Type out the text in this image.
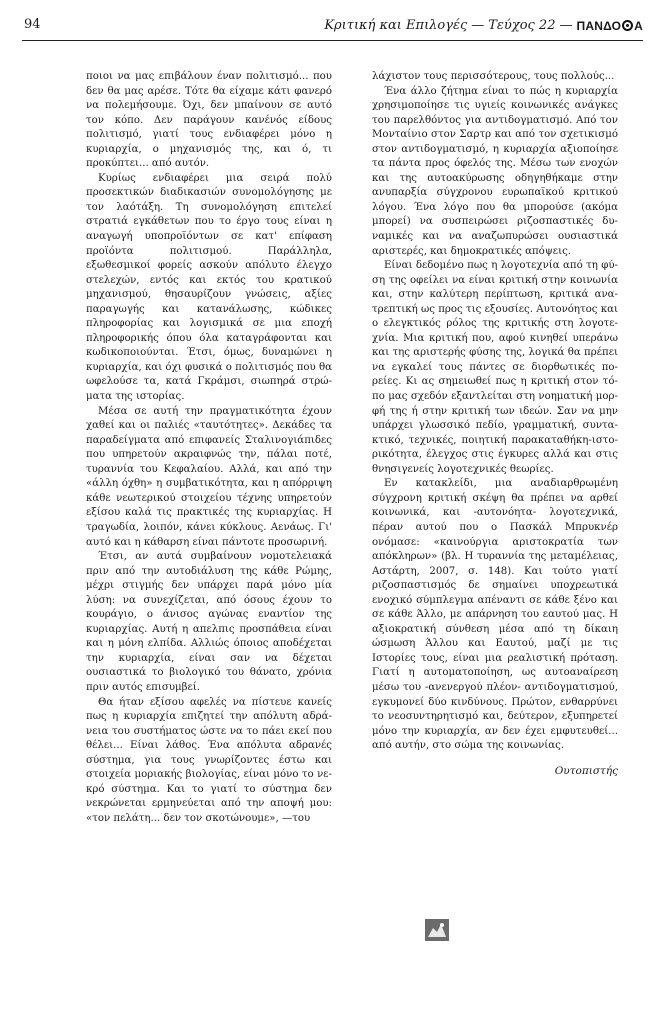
94	Κριτική και Επιλογές — Τεύχος 22 — ΠΑΝΔΟ Α

ποιοι να μας επιβάλουν έναν πολιτισμό... που δεν θα μας αρέσε. Τότε θα είχαμε κάτι φανερό να πολεμήσουμε. Όχι, δεν μπαίνουν σε αυτό τον κόπο. Δεν παράγουν κανένός είδους πολιτισμό, γιατί τους ενδιαφέρει μόνο η κυριαρχία, ο μηχανισμός της, και ό, τι προκύπτει... από αυτόν.

Κυρίως ενδιαφέρει μια σειρά πολύ προσεκτικών διαδικασιών συνομολόγησης με τον λαότάξη. Τη συνομολόγηση επιτελεί στρατιά εγκάθετων που το έργο τους είναι η αναγωγή υποπροϊόντων σε κατ' επίφαση προϊόντα πολιτισμού. Παράλληλα, εξωθεσμικοί φορείς ασκούν απόλυτο έλεγχο στελεχών, εντός και εκτός του κρατικού μηχανισμού, θησαυρίζουν γνώσεις, αξίες παραγωγής και κατανάλωσης, κώδικες πληροφορίας και λογισμικά σε μια εποχή πληροφορικής όπου όλα καταγράφονται και κωδικοποιούνται. Έτσι, όμως, δυναμώνει η κυριαρχία, και όχι φυσικά ο πολιτισμός που θα ωφελούσε τα, κατά Γκράμσι, σιωπηρά στρώματα της ιστορίας.

Μέσα σε αυτή την πραγματικότητα έχουν χαθεί και οι παλιές «ταυτότητες». Δεκάδες τα παραδείγματα από επιφανείς Σταλινογιάπιδες που υπηρετούν ακραιφνώς την, πάλαι ποτέ, τυραννία του Κεφαλαίου. Αλλά, και από την «άλλη όχθη» η συμβατικότητα, και η απόρριψη κάθε νεωτερικού στοιχείου τέχνης υπηρετούν εξίσου καλά τις πρακτικές της κυριαρχίας. Η τραγωδία, λοιπόν, κάνει κύκλους. Αενάως. Γι' αυτό και η κάθαρση είναι πάντοτε προσωρινή.

Έτσι, αν αυτά συμβαίνουν νομοτελειακά πριν από την αυτοδιάλυση της κάθε Ρώμης, μέχρι στιγμής δεν υπάρχει παρά μόνο μία λύση: να συνεχίζεται, από όσους έχουν το κουράγιο, ο άνισος αγώνας εναντίον της κυριαρχίας. Αυτή η απελπις προσπάθεια είναι και η μόνη ελπίδα. Αλλιώς όποιος αποδέχεται την κυριαρχία, είναι σαν να δέχεται ουσιαστικά το βιολογικό του θάνατο, χρόνια πριν αυτός επισυμβεί.

Θα ήταν εξίσου αφελές να πίστευε κανείς πως η κυριαρχία επιζητεί την απόλυτη αδράνεια του συστήματος ώστε να το πάει εκεί που θέλει... Είναι λάθος. Ένα απόλυτα αδρανές σύστημα, για τους γνωρίζοντες έστω και στοιχεία μοριακής βιολογίας, είναι μόνο το νεκρό σύστημα. Και το γιατί το σύστημα δεν νεκρώνεται ερμηνεύεται από την αποψή μου: «τον πελάτη... δεν τον σκοτώνουμε», —του

λάχιστον τους περισσότερους, τους πολλούς...

Ένα άλλο ζήτημα είναι το πώς η κυριαρχία χρησιμοποίησε τις υγιείς κοινωνικές ανάγκες του παρελθόντος για αντιδογματισμό. Από τον Μονταίνιο στον Σαρτρ και από τον σχετικισμό στον αντιδογματισμό, η κυριαρχία αξιοποίησε τα πάντα προς όφελός της. Μέσω των ενοχών και της αυτοακύρωσης οδηγηθήκαμε στην ανυπαρξία σύγχρονου ευρωπαϊκού κριτικού λόγου. Ένα λόγο που θα μπορούσε (ακόμα μπορεί) να συσπειρώσει ριζοσπαστικές δυναμικές και να αναζωπυρώσει ουσιαστικά αριστερές, και δημοκρατικές απόψεις.

Είναι δεδομένο πως η λογοτεχνία από τη φύση της οφείλει να είναι κριτική στην κοινωνία και, στην καλύτερη περίπτωση, κριτικά ανατρεπτική ως προς τις εξουσίες. Αυτονόητος και ο ελεγκτικός ρόλος της κριτικής στη λογοτεχνία. Μια κριτική που, αφού κινηθεί υπεράνω και της αριστερής φύσης της, λογικά θα πρέπει να εγκαλεί τους πάντες σε διορθωτικές πορείες. Κι ας σημειωθεί πως η κριτική στον τόπο μας σχεδόν εξαντλείται στη νοηματική μορφή της ή στην κριτική των ιδεών. Σαν να μην υπάρχει γλωσσικό πεδίο, γραμματική, συντακτικό, τεχνικές, ποιητική παρακαταθήκη-ιστορικότητα, έλεγχος στις έγκυρες αλλά και στις θνησιγενείς λογοτεχνικές θεωρίες.

Εν κατακλείδι, μια αναδιαρθρωμένη σύγχρονη κριτική σκέψη θα πρέπει να αρθεί κοινωνικά, και -αυτονόητα- λογοτεχνικά, πέραν αυτού που ο Πασκάλ Μπρυκνέρ ονόμασε: «καινούργια αριστοκρατία των απόκληρων» (βλ. Η τυραννία της μεταμέλειας, Αστάρτη, 2007, σ. 148). Και τούτο γιατί ριζοσπαστισμός δε σημαίνει υποχρεωτικά ενοχικό σύμπλεγμα απέναντι σε κάθε ξένο και σε κάθε Άλλο, με απάρνηση του εαυτού μας. Η αξιοκρατική σύνθεση μέσα από τη δίκαιη ώσμωση Άλλου και Εαυτού, μαζί με τις Ιστορίες τους, είναι μια ρεαλιστική πρόταση. Γιατί η αυτοματοποίηση, ως αυτοαναίρεση μέσω του -ανενεργού πλέον- αντιδογματισμού, εγκυμονεί δύο κινδύνους. Πρώτον, ενθαρρύνει το νεοσυντηρητισμό και, δεύτερον, εξυπηρετεί μόνο την κυριαρχία, αν δεν έχει εμφυτευθεί... από αυτήν, στο σώμα της κοινωνίας.

Ουτοπιστής
